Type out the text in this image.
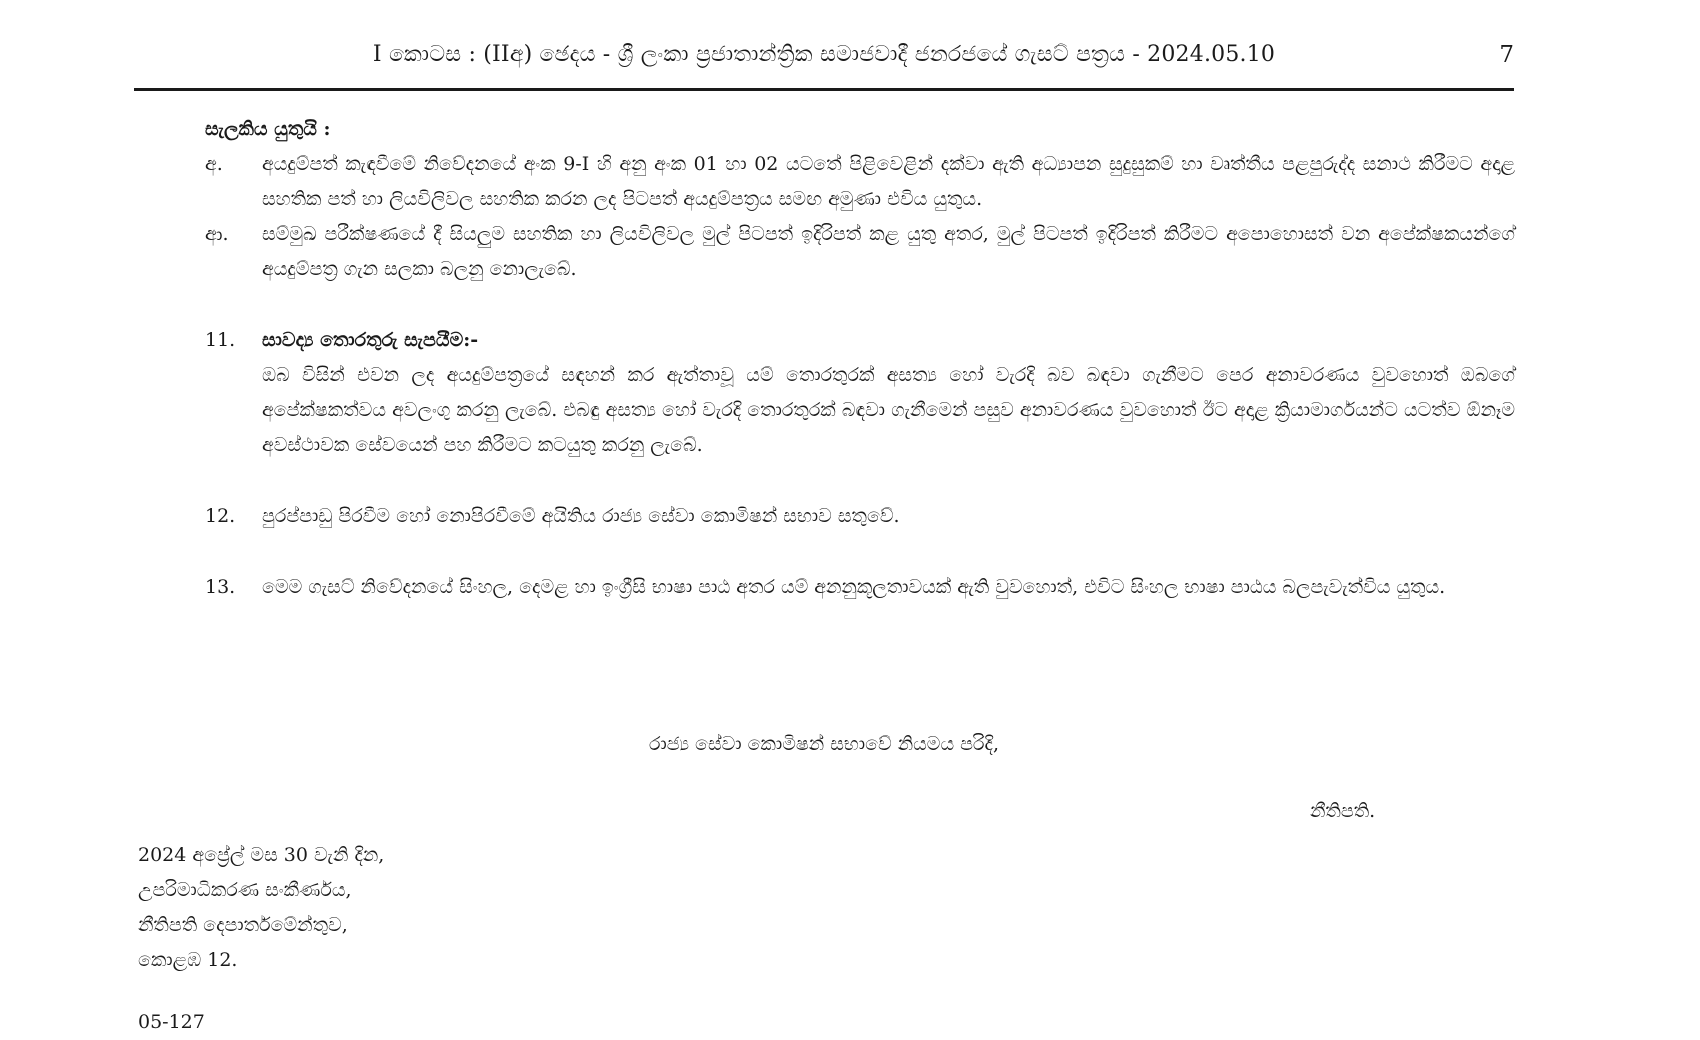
I කොටස : (IIඅ) ඡෙදය - ශ්‍රී ලංකා ප්‍රජාතාන්ත්‍රික සමාජවාදී ජනරජයේ ගැසට් පත්‍රය - 2024.05.10	7
සැලකිය යුතුයි :
අ. අයදුම්පත් කැඳවීමේ නිවේදනයේ අංක 9-I හි අනු අංක 01 හා 02 යටතේ පිළිවෙළින් දක්වා ඇති අධ්‍යාපන සුදුසුකම් හා වෘත්තීය පළපුරුද්ද සනාථ කිරීමට අදාළ සහතික පත් හා ලියවිලිවල සහතික කරන ලද පිටපත් අයදුම්පත්‍රය සමඟ අමුණා එවිය යුතුය.
ආ. සම්මුඛ පරීක්ෂණයේ දී සියලුම සහතික හා ලියවිලිවල මුල් පිටපත් ඉදිරිපත් කළ යුතු අතර, මුල් පිටපත් ඉදිරිපත් කිරීමට අපොහොසත් වන අපේක්ෂකයන්ගේ අයදුම්පත්‍ර ගැන සලකා බලනු නොලැබේ.
11. සාවද්‍ය තොරතුරු සැපයීම:-
ඔබ විසින් එවන ලද අයදුම්පත්‍රයේ සඳහන් කර ඇත්තාවූ යම් තොරතුරක් අසත්‍ය හෝ වැරදි බව බඳවා ගැනීමට පෙර අනාවරණය වුවහොත් ඔබගේ අපේක්ෂකත්වය අවලංගු කරනු ලැබේ. එබඳු අසත්‍ය හෝ වැරදි තොරතුරක් බඳවා ගැනීමෙන් පසුව අනාවරණය වුවහොත් ඊට අදාළ ක්‍රියාමාර්ගයන්ට යටත්ව ඕනෑම අවස්ථාවක සේවයෙන් පහ කිරීමට කටයුතු කරනු ලැබේ.
12. පුරප්පාඩු පිරවීම හෝ නොපිරවීමේ අයිතිය රාජ්‍ය සේවා කොමිෂන් සභාව සතුවේ.
13. මෙම ගැසට් නිවේදනයේ සිංහල, දෙමළ හා ඉංග්‍රීසි භාෂා පාඨ අතර යම් අනනුකූලතාවයක් ඇති වුවහොත්, එවිට සිංහල භාෂා පාඨය බලපැවැත්විය යුතුය.
රාජ්‍ය සේවා කොමිෂන් සභාවේ නියමය පරිදි,
නීතිපති.
2024 අප්‍රේල් මස 30 වැනි දින,
උපරිමාධිකරණ සංකීර්ණය,
නීතිපති දෙපාර්තමේන්තුව,
කොළඹ 12.
05-127
